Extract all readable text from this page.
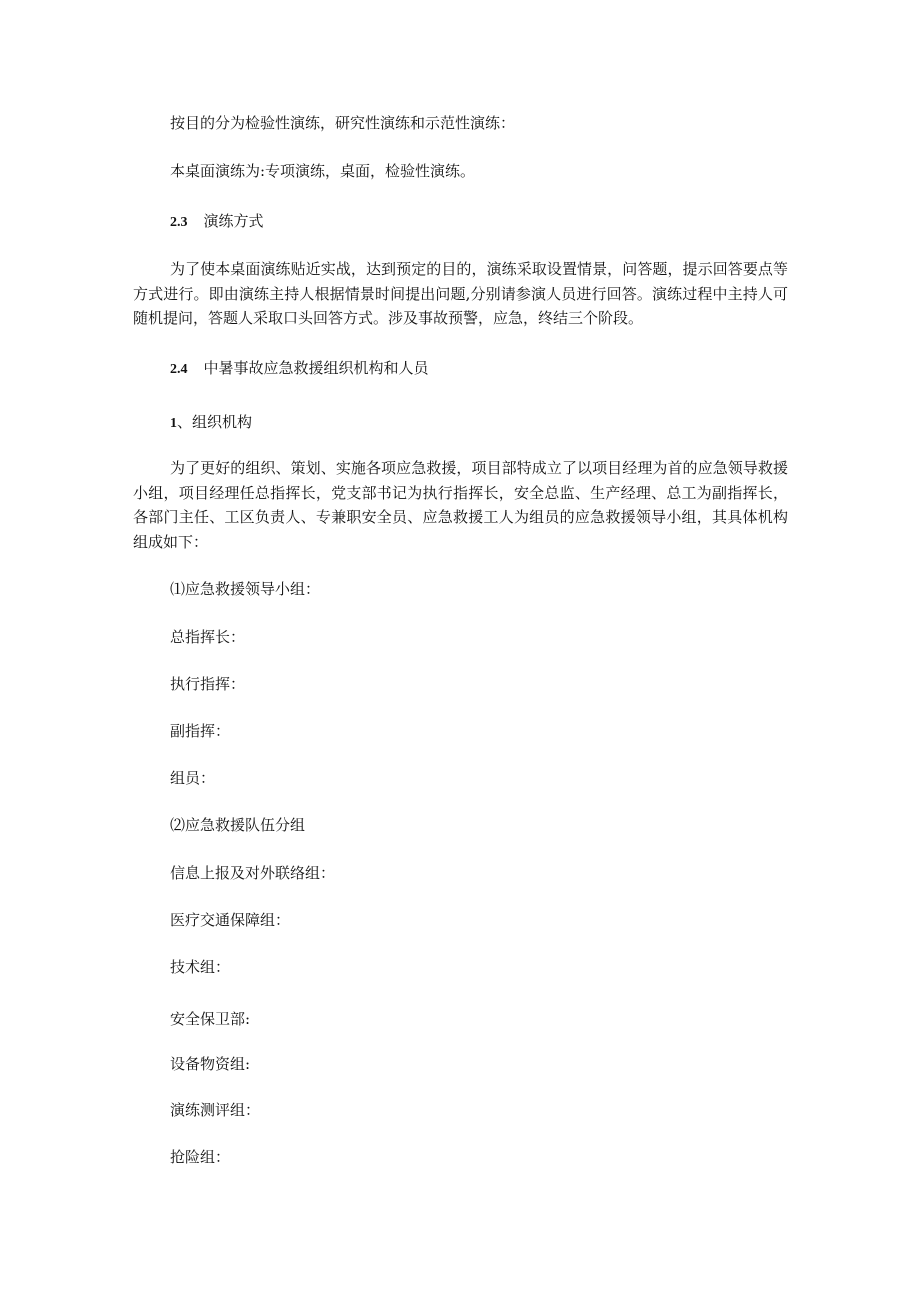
按目的分为检验性演练，研究性演练和示范性演练：

本桌面演练为:专项演练，桌面，检验性演练。

2.3 演练方式

为了使本桌面演练贴近实战，达到预定的目的，演练采取设置情景，问答题，提示回答要点等方式进行。即由演练主持人根据情景时间提出问题,分别请参演人员进行回答。演练过程中主持人可随机提问，答题人采取口头回答方式。涉及事故预警，应急，终结三个阶段。

2.4 中暑事故应急救援组织机构和人员

1、组织机构

为了更好的组织、策划、实施各项应急救援，项目部特成立了以项目经理为首的应急领导救援小组，项目经理任总指挥长，党支部书记为执行指挥长，安全总监、生产经理、总工为副指挥长，各部门主任、工区负责人、专兼职安全员、应急救援工人为组员的应急救援领导小组，其具体机构组成如下：

⑴应急救援领导小组：

总指挥长：

执行指挥：

副指挥：

组员：

⑵应急救援队伍分组

信息上报及对外联络组：

医疗交通保障组：

技术组：

安全保卫部:

设备物资组:

演练测评组：

抢险组：
